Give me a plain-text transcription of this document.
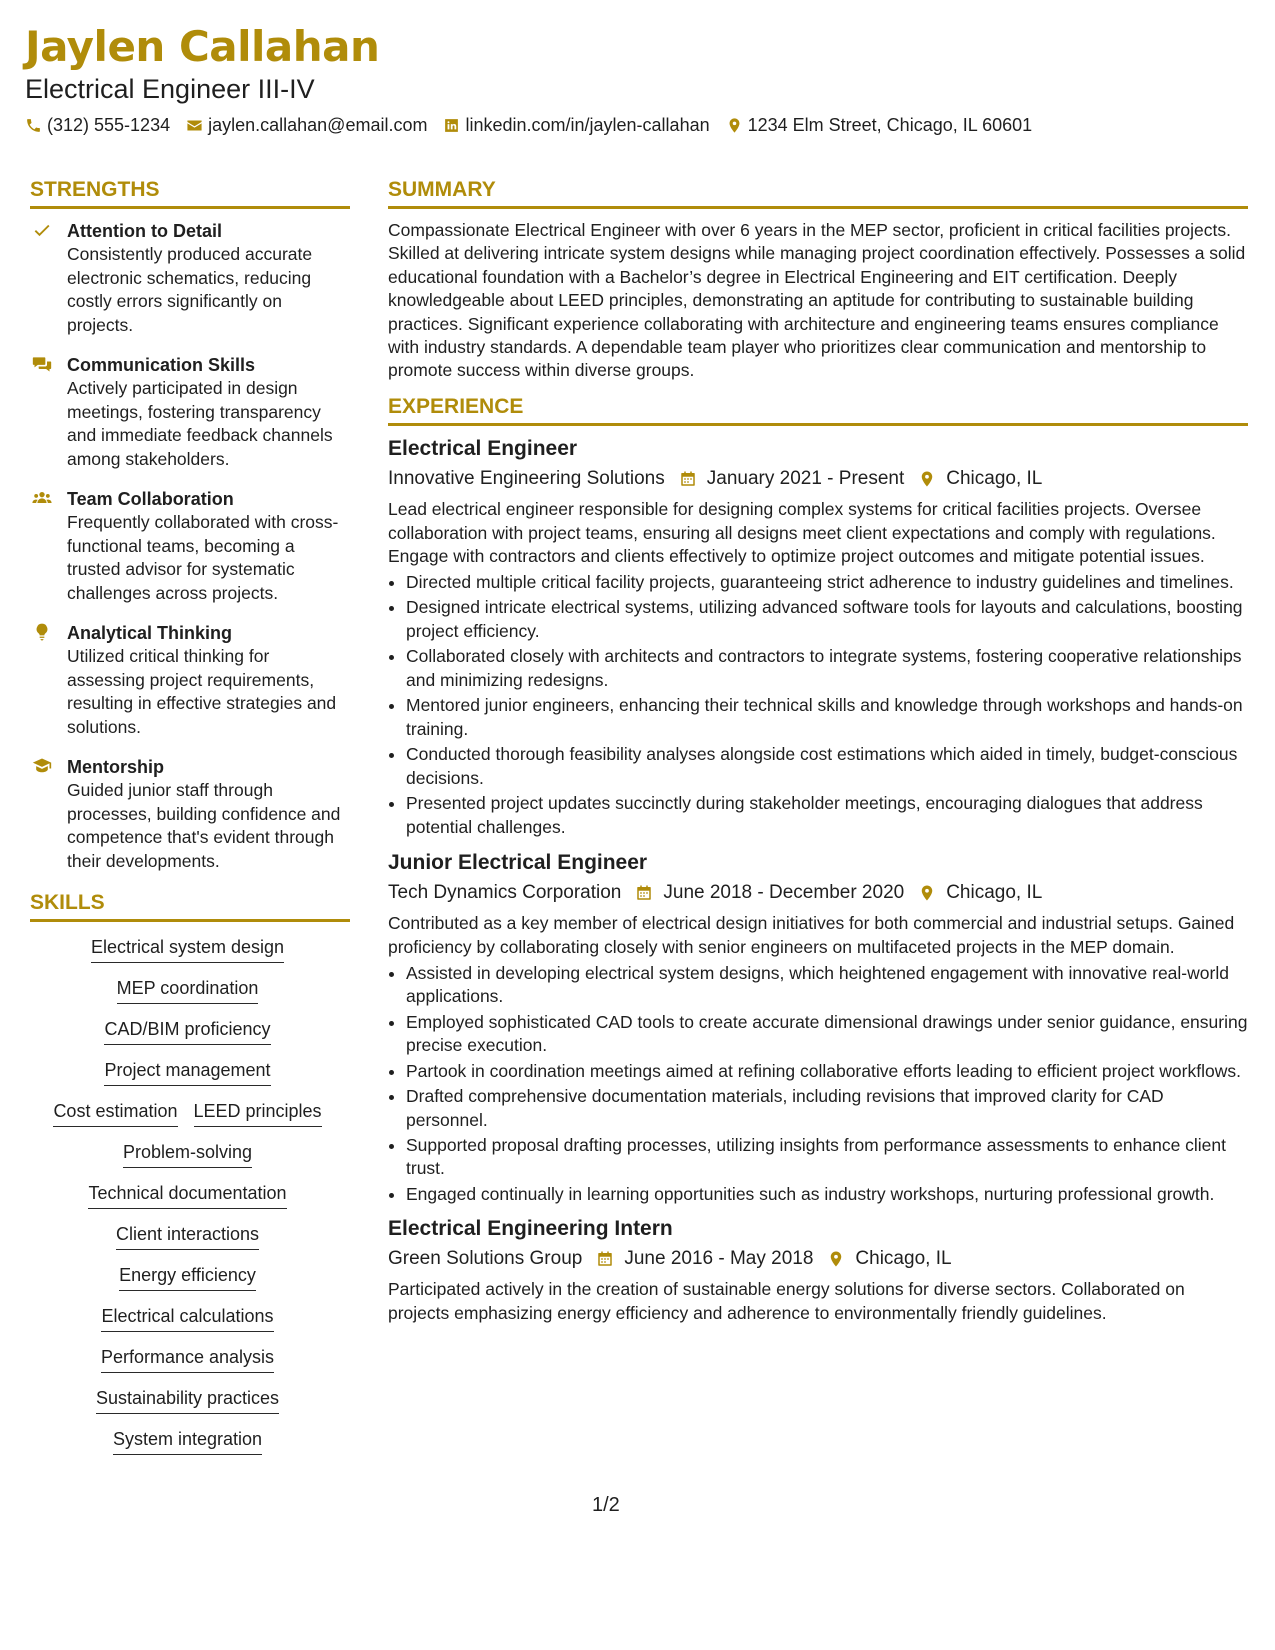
Jaylen Callahan
Electrical Engineer III-IV
(312) 555-1234 jaylen.callahan@email.com linkedin.com/in/jaylen-callahan 1234 Elm Street, Chicago, IL 60601
STRENGTHS
Attention to Detail
Consistently produced accurate electronic schematics, reducing costly errors significantly on projects.
Communication Skills
Actively participated in design meetings, fostering transparency and immediate feedback channels among stakeholders.
Team Collaboration
Frequently collaborated with cross-functional teams, becoming a trusted advisor for systematic challenges across projects.
Analytical Thinking
Utilized critical thinking for assessing project requirements, resulting in effective strategies and solutions.
Mentorship
Guided junior staff through processes, building confidence and competence that's evident through their developments.
SKILLS
Electrical system design
MEP coordination
CAD/BIM proficiency
Project management
Cost estimation LEED principles
Problem-solving
Technical documentation
Client interactions
Energy efficiency
Electrical calculations
Performance analysis
Sustainability practices
System integration
SUMMARY
Compassionate Electrical Engineer with over 6 years in the MEP sector, proficient in critical facilities projects. Skilled at delivering intricate system designs while managing project coordination effectively. Possesses a solid educational foundation with a Bachelor’s degree in Electrical Engineering and EIT certification. Deeply knowledgeable about LEED principles, demonstrating an aptitude for contributing to sustainable building practices. Significant experience collaborating with architecture and engineering teams ensures compliance with industry standards. A dependable team player who prioritizes clear communication and mentorship to promote success within diverse groups.
EXPERIENCE
Electrical Engineer
Innovative Engineering Solutions January 2021 - Present Chicago, IL
Lead electrical engineer responsible for designing complex systems for critical facilities projects. Oversee collaboration with project teams, ensuring all designs meet client expectations and comply with regulations. Engage with contractors and clients effectively to optimize project outcomes and mitigate potential issues.
• Directed multiple critical facility projects, guaranteeing strict adherence to industry guidelines and timelines.
• Designed intricate electrical systems, utilizing advanced software tools for layouts and calculations, boosting project efficiency.
• Collaborated closely with architects and contractors to integrate systems, fostering cooperative relationships and minimizing redesigns.
• Mentored junior engineers, enhancing their technical skills and knowledge through workshops and hands-on training.
• Conducted thorough feasibility analyses alongside cost estimations which aided in timely, budget-conscious decisions.
• Presented project updates succinctly during stakeholder meetings, encouraging dialogues that address potential challenges.
Junior Electrical Engineer
Tech Dynamics Corporation June 2018 - December 2020 Chicago, IL
Contributed as a key member of electrical design initiatives for both commercial and industrial setups. Gained proficiency by collaborating closely with senior engineers on multifaceted projects in the MEP domain.
• Assisted in developing electrical system designs, which heightened engagement with innovative real-world applications.
• Employed sophisticated CAD tools to create accurate dimensional drawings under senior guidance, ensuring precise execution.
• Partook in coordination meetings aimed at refining collaborative efforts leading to efficient project workflows.
• Drafted comprehensive documentation materials, including revisions that improved clarity for CAD personnel.
• Supported proposal drafting processes, utilizing insights from performance assessments to enhance client trust.
• Engaged continually in learning opportunities such as industry workshops, nurturing professional growth.
Electrical Engineering Intern
Green Solutions Group June 2016 - May 2018 Chicago, IL
Participated actively in the creation of sustainable energy solutions for diverse sectors. Collaborated on projects emphasizing energy efficiency and adherence to environmentally friendly guidelines.
1/2
